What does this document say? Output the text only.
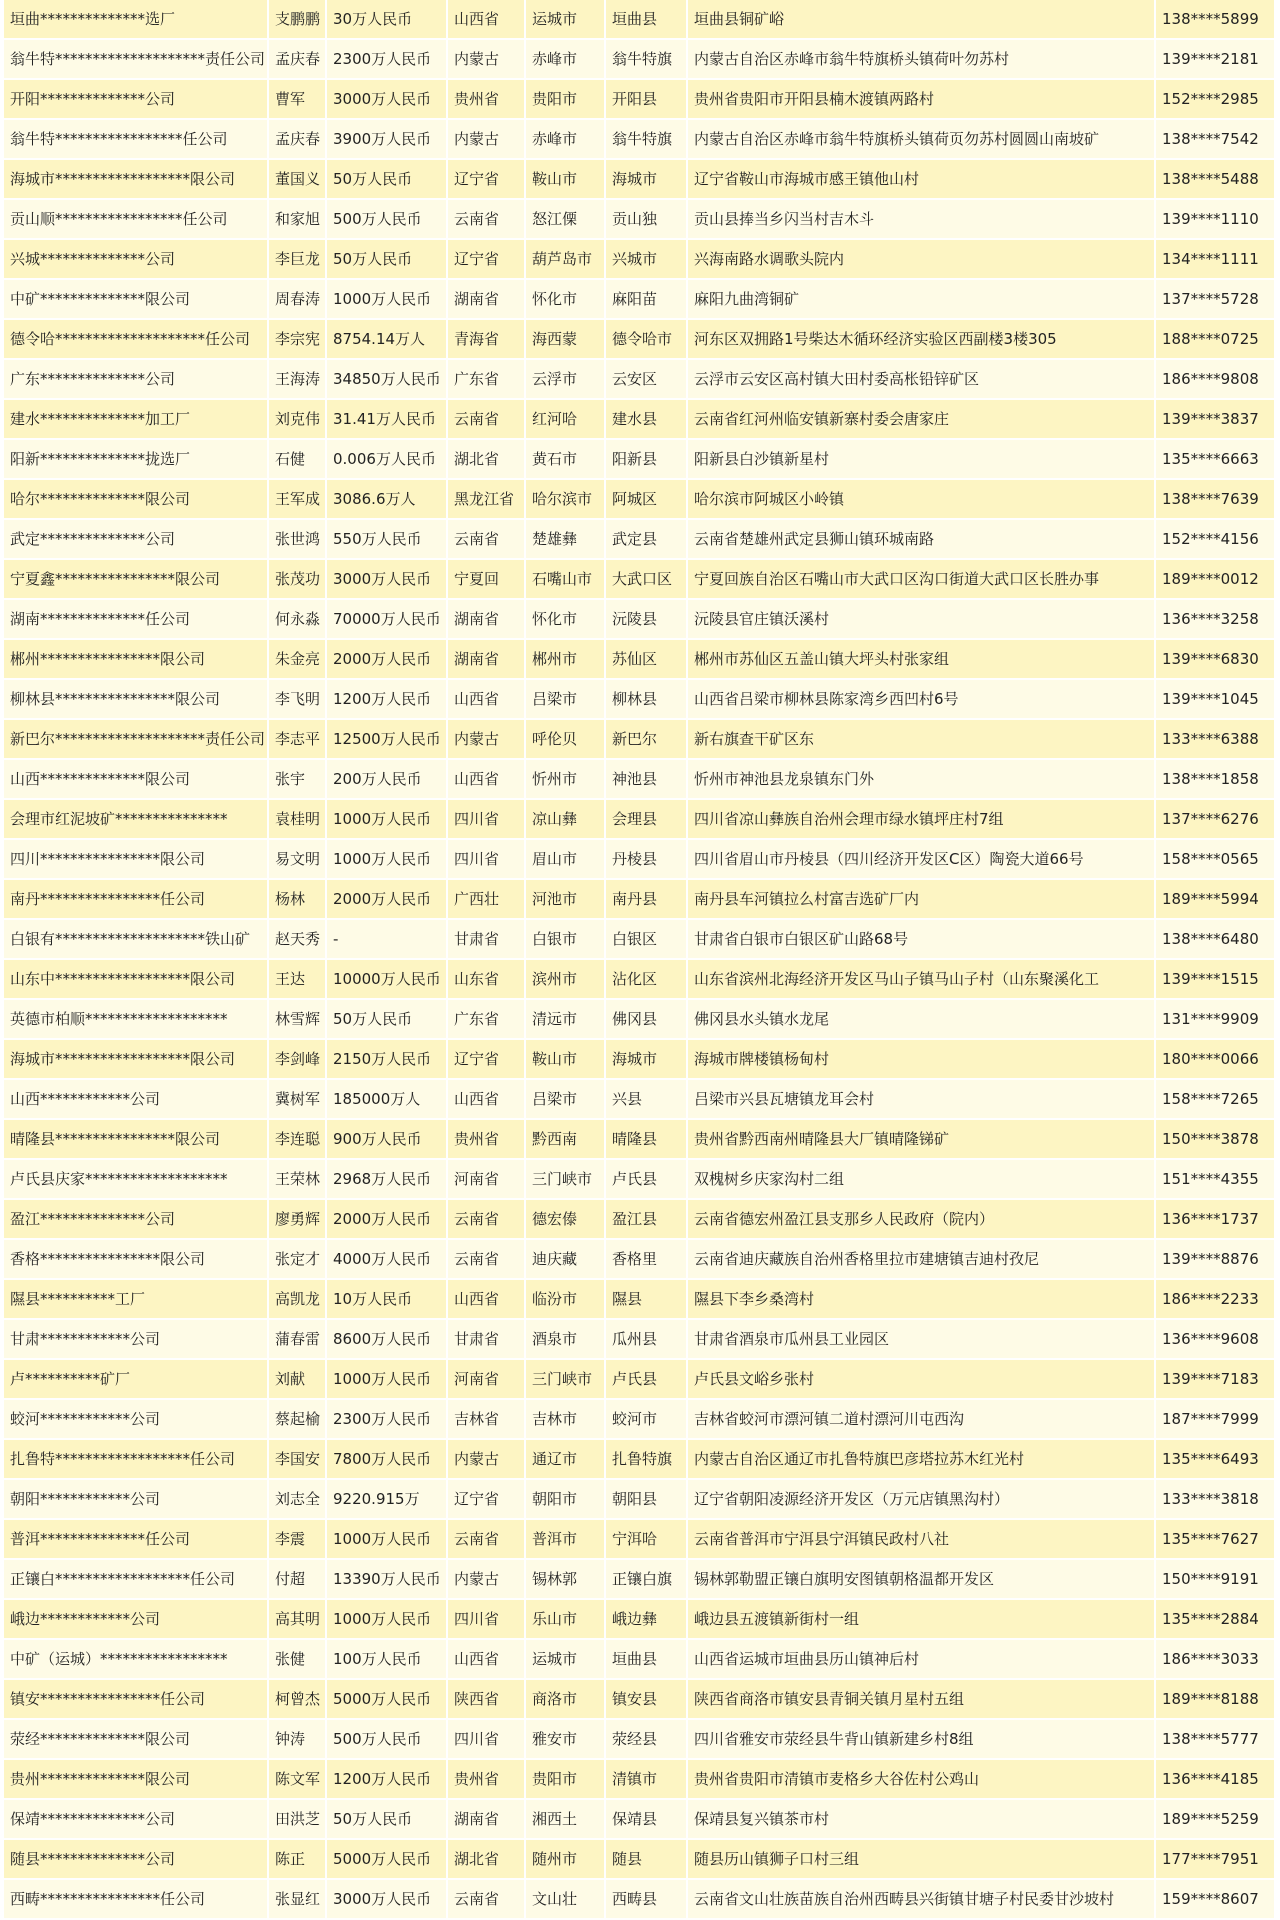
垣曲**************选厂	支鹏鹏	30万人民币	山西省	运城市	垣曲县	垣曲县铜矿峪	138****5899
翁牛特********************责任公司	孟庆春	2300万人民币	内蒙古	赤峰市	翁牛特旗	内蒙古自治区赤峰市翁牛特旗桥头镇荷叶勿苏村	139****2181
开阳**************公司	曹军	3000万人民币	贵州省	贵阳市	开阳县	贵州省贵阳市开阳县楠木渡镇两路村	152****2985
翁牛特*****************任公司	孟庆春	3900万人民币	内蒙古	赤峰市	翁牛特旗	内蒙古自治区赤峰市翁牛特旗桥头镇荷页勿苏村圆圆山南坡矿	138****7542
海城市******************限公司	董国义	50万人民币	辽宁省	鞍山市	海城市	辽宁省鞍山市海城市感王镇他山村	138****5488
贡山顺*****************任公司	和家旭	500万人民币	云南省	怒江傈	贡山独	贡山县捧当乡闪当村吉木斗	139****1110
兴城**************公司	李巨龙	50万人民币	辽宁省	葫芦岛市	兴城市	兴海南路水调歌头院内	134****1111
中矿**************限公司	周春涛	1000万人民币	湖南省	怀化市	麻阳苗	麻阳九曲湾铜矿	137****5728
德令哈********************任公司	李宗宪	8754.14万人	青海省	海西蒙	德令哈市	河东区双拥路1号柴达木循环经济实验区西副楼3楼305	188****0725
广东**************公司	王海涛	34850万人民币	广东省	云浮市	云安区	云浮市云安区高村镇大田村委高枨铅锌矿区	186****9808
建水**************加工厂	刘克伟	31.41万人民币	云南省	红河哈	建水县	云南省红河州临安镇新寨村委会唐家庄	139****3837
阳新**************拢选厂	石健	0.006万人民币	湖北省	黄石市	阳新县	阳新县白沙镇新星村	135****6663
哈尔**************限公司	王军成	3086.6万人	黑龙江省	哈尔滨市	阿城区	哈尔滨市阿城区小岭镇	138****7639
武定**************公司	张世鸿	550万人民币	云南省	楚雄彝	武定县	云南省楚雄州武定县狮山镇环城南路	152****4156
宁夏鑫****************限公司	张茂功	3000万人民币	宁夏回	石嘴山市	大武口区	宁夏回族自治区石嘴山市大武口区沟口街道大武口区长胜办事	189****0012
湖南**************任公司	何永淼	70000万人民币	湖南省	怀化市	沅陵县	沅陵县官庄镇沃溪村	136****3258
郴州****************限公司	朱金亮	2000万人民币	湖南省	郴州市	苏仙区	郴州市苏仙区五盖山镇大坪头村张家组	139****6830
柳林县****************限公司	李飞明	1200万人民币	山西省	吕梁市	柳林县	山西省吕梁市柳林县陈家湾乡西凹村6号	139****1045
新巴尔********************责任公司	李志平	12500万人民币	内蒙古	呼伦贝	新巴尔	新右旗查干矿区东	133****6388
山西**************限公司	张宇	200万人民币	山西省	忻州市	神池县	忻州市神池县龙泉镇东门外	138****1858
会理市红泥坡矿***************	袁桂明	1000万人民币	四川省	凉山彝	会理县	四川省凉山彝族自治州会理市绿水镇坪庄村7组	137****6276
四川****************限公司	易文明	1000万人民币	四川省	眉山市	丹棱县	四川省眉山市丹棱县（四川经济开发区C区）陶瓷大道66号	158****0565
南丹****************任公司	杨林	2000万人民币	广西壮	河池市	南丹县	南丹县车河镇拉么村富吉选矿厂内	189****5994
白银有********************铁山矿	赵天秀	-	甘肃省	白银市	白银区	甘肃省白银市白银区矿山路68号	138****6480
山东中******************限公司	王达	10000万人民币	山东省	滨州市	沾化区	山东省滨州北海经济开发区马山子镇马山子村（山东聚溪化工	139****1515
英德市柏顺*******************	林雪辉	50万人民币	广东省	清远市	佛冈县	佛冈县水头镇水龙尾	131****9909
海城市******************限公司	李剑峰	2150万人民币	辽宁省	鞍山市	海城市	海城市牌楼镇杨甸村	180****0066
山西************公司	冀树军	185000万人	山西省	吕梁市	兴县	吕梁市兴县瓦塘镇龙耳会村	158****7265
晴隆县****************限公司	李连聪	900万人民币	贵州省	黔西南	晴隆县	贵州省黔西南州晴隆县大厂镇晴隆锑矿	150****3878
卢氏县庆家*******************	王荣林	2968万人民币	河南省	三门峡市	卢氏县	双槐树乡庆家沟村二组	151****4355
盈江**************公司	廖勇辉	2000万人民币	云南省	德宏傣	盈江县	云南省德宏州盈江县支那乡人民政府（院内）	136****1737
香格****************限公司	张定才	4000万人民币	云南省	迪庆藏	香格里	云南省迪庆藏族自治州香格里拉市建塘镇吉迪村孜尼	139****8876
隰县**********工厂	高凯龙	10万人民币	山西省	临汾市	隰县	隰县下李乡桑湾村	186****2233
甘肃************公司	蒲春雷	8600万人民币	甘肃省	酒泉市	瓜州县	甘肃省酒泉市瓜州县工业园区	136****9608
卢**********矿厂	刘献	1000万人民币	河南省	三门峡市	卢氏县	卢氏县文峪乡张村	139****7183
蛟河************公司	蔡起榆	2300万人民币	吉林省	吉林市	蛟河市	吉林省蛟河市漂河镇二道村漂河川屯西沟	187****7999
扎鲁特******************任公司	李国安	7800万人民币	内蒙古	通辽市	扎鲁特旗	内蒙古自治区通辽市扎鲁特旗巴彦塔拉苏木红光村	135****6493
朝阳************公司	刘志全	9220.915万	辽宁省	朝阳市	朝阳县	辽宁省朝阳凌源经济开发区（万元店镇黑沟村）	133****3818
普洱**************任公司	李震	1000万人民币	云南省	普洱市	宁洱哈	云南省普洱市宁洱县宁洱镇民政村八社	135****7627
正镶白******************任公司	付超	13390万人民币	内蒙古	锡林郭	正镶白旗	锡林郭勒盟正镶白旗明安图镇朝格温都开发区	150****9191
峨边************公司	高其明	1000万人民币	四川省	乐山市	峨边彝	峨边县五渡镇新街村一组	135****2884
中矿（运城）*****************	张健	100万人民币	山西省	运城市	垣曲县	山西省运城市垣曲县历山镇神后村	186****3033
镇安****************任公司	柯曾杰	5000万人民币	陕西省	商洛市	镇安县	陕西省商洛市镇安县青铜关镇月星村五组	189****8188
荥经**************限公司	钟涛	500万人民币	四川省	雅安市	荥经县	四川省雅安市荥经县牛背山镇新建乡村8组	138****5777
贵州**************限公司	陈文军	1200万人民币	贵州省	贵阳市	清镇市	贵州省贵阳市清镇市麦格乡大谷佐村公鸡山	136****4185
保靖**************公司	田洪芝	50万人民币	湖南省	湘西土	保靖县	保靖县复兴镇茶市村	189****5259
随县**************公司	陈正	5000万人民币	湖北省	随州市	随县	随县历山镇狮子口村三组	177****7951
西畴****************任公司	张显红	3000万人民币	云南省	文山壮	西畴县	云南省文山壮族苗族自治州西畴县兴街镇甘塘子村民委甘沙坡村	159****8607
